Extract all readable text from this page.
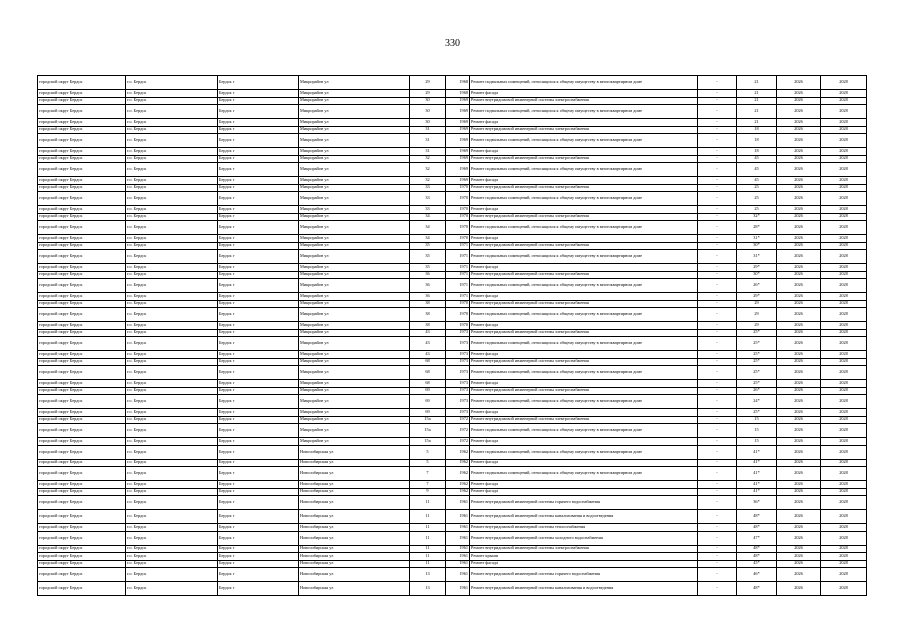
330
городской округ Бердск	г.о. Бердск	Бердск г	Микрорайон ул	29	1968	Ремонт подвальных помещений, относящихся к общему имуществу в многоквартирном доме	-	21	2026	2028
городской округ Бердск	г.о. Бердск	Бердск г	Микрорайон ул	29	1968	Ремонт фасада	-	21	2026	2028
городской округ Бердск	г.о. Бердск	Бердск г	Микрорайон ул	30	1969	Ремонт внутридомовой инженерной системы электроснабжения	-	21	2026	2028
городской округ Бердск	г.о. Бердск	Бердск г	Микрорайон ул	30	1969	Ремонт подвальных помещений, относящихся к общему имуществу в многоквартирном доме	-	21	2026	2028
городской округ Бердск	г.о. Бердск	Бердск г	Микрорайон ул	30	1969	Ремонт фасада	-	21	2026	2028
городской округ Бердск	г.о. Бердск	Бердск г	Микрорайон ул	31	1969	Ремонт внутридомовой инженерной системы электроснабжения	-	18	2026	2028
городской округ Бердск	г.о. Бердск	Бердск г	Микрорайон ул	31	1969	Ремонт подвальных помещений, относящихся к общему имуществу в многоквартирном доме	-	18	2026	2028
городской округ Бердск	г.о. Бердск	Бердск г	Микрорайон ул	31	1969	Ремонт фасада	-	18	2026	2028
городской округ Бердск	г.о. Бердск	Бердск г	Микрорайон ул	32	1969	Ремонт внутридомовой инженерной системы электроснабжения	-	45	2026	2028
городской округ Бердск	г.о. Бердск	Бердск г	Микрорайон ул	32	1969	Ремонт подвальных помещений, относящихся к общему имуществу в многоквартирном доме	-	45	2026	2028
городской округ Бердск	г.о. Бердск	Бердск г	Микрорайон ул	32	1969	Ремонт фасада	-	45	2026	2028
городской округ Бердск	г.о. Бердск	Бердск г	Микрорайон ул	33	1970	Ремонт внутридомовой инженерной системы электроснабжения	-	25	2026	2028
городской округ Бердск	г.о. Бердск	Бердск г	Микрорайон ул	33	1970	Ремонт подвальных помещений, относящихся к общему имуществу в многоквартирном доме	-	25	2026	2028
городской округ Бердск	г.о. Бердск	Бердск г	Микрорайон ул	33	1970	Ремонт фасада	-	25	2026	2028
городской округ Бердск	г.о. Бердск	Бердск г	Микрорайон ул	34	1970	Ремонт внутридомовой инженерной системы электроснабжения	-	32*	2026	2028
городской округ Бердск	г.о. Бердск	Бердск г	Микрорайон ул	34	1970	Ремонт подвальных помещений, относящихся к общему имуществу в многоквартирном доме	-	28*	2026	2028
городской округ Бердск	г.о. Бердск	Бердск г	Микрорайон ул	34	1970	Ремонт фасада	-	31*	2026	2028
городской округ Бердск	г.о. Бердск	Бердск г	Микрорайон ул	35	1971	Ремонт внутридомовой инженерной системы электроснабжения	-	30*	2026	2028
городской округ Бердск	г.о. Бердск	Бердск г	Микрорайон ул	35	1971	Ремонт подвальных помещений, относящихся к общему имуществу в многоквартирном доме	-	31*	2026	2028
городской округ Бердск	г.о. Бердск	Бердск г	Микрорайон ул	35	1971	Ремонт фасада	-	29*	2026	2028
городской округ Бердск	г.о. Бердск	Бердск г	Микрорайон ул	36	1971	Ремонт внутридомовой инженерной системы электроснабжения	-	30*	2026	2028
городской округ Бердск	г.о. Бердск	Бердск г	Микрорайон ул	36	1971	Ремонт подвальных помещений, относящихся к общему имуществу в многоквартирном доме	-	26*	2026	2028
городской округ Бердск	г.о. Бердск	Бердск г	Микрорайон ул	36	1971	Ремонт фасада	-	29*	2026	2028
городской округ Бердск	г.о. Бердск	Бердск г	Микрорайон ул	38	1970	Ремонт внутридомовой инженерной системы электроснабжения	-	29	2026	2028
городской округ Бердск	г.о. Бердск	Бердск г	Микрорайон ул	38	1970	Ремонт подвальных помещений, относящихся к общему имуществу в многоквартирном доме	-	29	2026	2028
городской округ Бердск	г.о. Бердск	Бердск г	Микрорайон ул	38	1970	Ремонт фасада	-	29	2026	2028
городской округ Бердск	г.о. Бердск	Бердск г	Микрорайон ул	43	1973	Ремонт внутридомовой инженерной системы электроснабжения	-	25*	2026	2028
городской округ Бердск	г.о. Бердск	Бердск г	Микрорайон ул	43	1973	Ремонт подвальных помещений, относящихся к общему имуществу в многоквартирном доме	-	25*	2026	2028
городской округ Бердск	г.о. Бердск	Бердск г	Микрорайон ул	43	1973	Ремонт фасада	-	25*	2026	2028
городской округ Бердск	г.о. Бердск	Бердск г	Микрорайон ул	68	1973	Ремонт внутридомовой инженерной системы электроснабжения	-	25*	2026	2028
городской округ Бердск	г.о. Бердск	Бердск г	Микрорайон ул	68	1973	Ремонт подвальных помещений, относящихся к общему имуществу в многоквартирном доме	-	25*	2026	2028
городской округ Бердск	г.о. Бердск	Бердск г	Микрорайон ул	68	1973	Ремонт фасада	-	25*	2026	2028
городской округ Бердск	г.о. Бердск	Бердск г	Микрорайон ул	69	1973	Ремонт внутридомовой инженерной системы электроснабжения	-	26*	2026	2028
городской округ Бердск	г.о. Бердск	Бердск г	Микрорайон ул	69	1973	Ремонт подвальных помещений, относящихся к общему имуществу в многоквартирном доме	-	24*	2026	2028
городской округ Бердск	г.о. Бердск	Бердск г	Микрорайон ул	69	1973	Ремонт фасада	-	25*	2026	2028
городской округ Бердск	г.о. Бердск	Бердск г	Микрорайон ул	15а	1972	Ремонт внутридомовой инженерной системы электроснабжения	-	15	2026	2028
городской округ Бердск	г.о. Бердск	Бердск г	Микрорайон ул	15а	1972	Ремонт подвальных помещений, относящихся к общему имуществу в многоквартирном доме	-	15	2026	2028
городской округ Бердск	г.о. Бердск	Бердск г	Микрорайон ул	15а	1972	Ремонт фасада	-	15	2026	2028
городской округ Бердск	г.о. Бердск	Бердск г	Новосибирская ул	5	1962	Ремонт подвальных помещений, относящихся к общему имуществу в многоквартирном доме	-	41*	2026	2028
городской округ Бердск	г.о. Бердск	Бердск г	Новосибирская ул	5	1962	Ремонт фасада	-	41*	2026	2028
городской округ Бердск	г.о. Бердск	Бердск г	Новосибирская ул	7	1962	Ремонт подвальных помещений, относящихся к общему имуществу в многоквартирном доме	-	41*	2026	2028
городской округ Бердск	г.о. Бердск	Бердск г	Новосибирская ул	7	1962	Ремонт фасада	-	41*	2026	2028
городской округ Бердск	г.о. Бердск	Бердск г	Новосибирская ул	9	1962	Ремонт фасада	-	41*	2026	2028
городской округ Бердск	г.о. Бердск	Бердск г	Новосибирская ул	11	1961	Ремонт внутридомовой инженерной системы горячего водоснабжения	-	36*	2026	2028
городской округ Бердск	г.о. Бердск	Бердск г	Новосибирская ул	11	1961	Ремонт внутридомовой инженерной системы канализования и водоотведения	-	48*	2026	2028
городской округ Бердск	г.о. Бердск	Бердск г	Новосибирская ул	11	1961	Ремонт внутридомовой инженерной системы теплоснабжения	-	48*	2026	2028
городской округ Бердск	г.о. Бердск	Бердск г	Новосибирская ул	11	1961	Ремонт внутридомовой инженерной системы холодного водоснабжения	-	47*	2026	2028
городской округ Бердск	г.о. Бердск	Бердск г	Новосибирская ул	11	1961	Ремонт внутридомовой инженерной системы электроснабжения	-	48*	2026	2028
городской округ Бердск	г.о. Бердск	Бердск г	Новосибирская ул	11	1961	Ремонт крыши	-	48*	2026	2028
городской округ Бердск	г.о. Бердск	Бердск г	Новосибирская ул	11	1961	Ремонт фасада	-	45*	2026	2028
городской округ Бердск	г.о. Бердск	Бердск г	Новосибирская ул	13	1961	Ремонт внутридомовой инженерной системы горячего водоснабжения	-	46*	2026	2028
городской округ Бердск	г.о. Бердск	Бердск г	Новосибирская ул	13	1961	Ремонт внутридомовой инженерной системы канализования и водоотведения	-	48*	2026	2028
